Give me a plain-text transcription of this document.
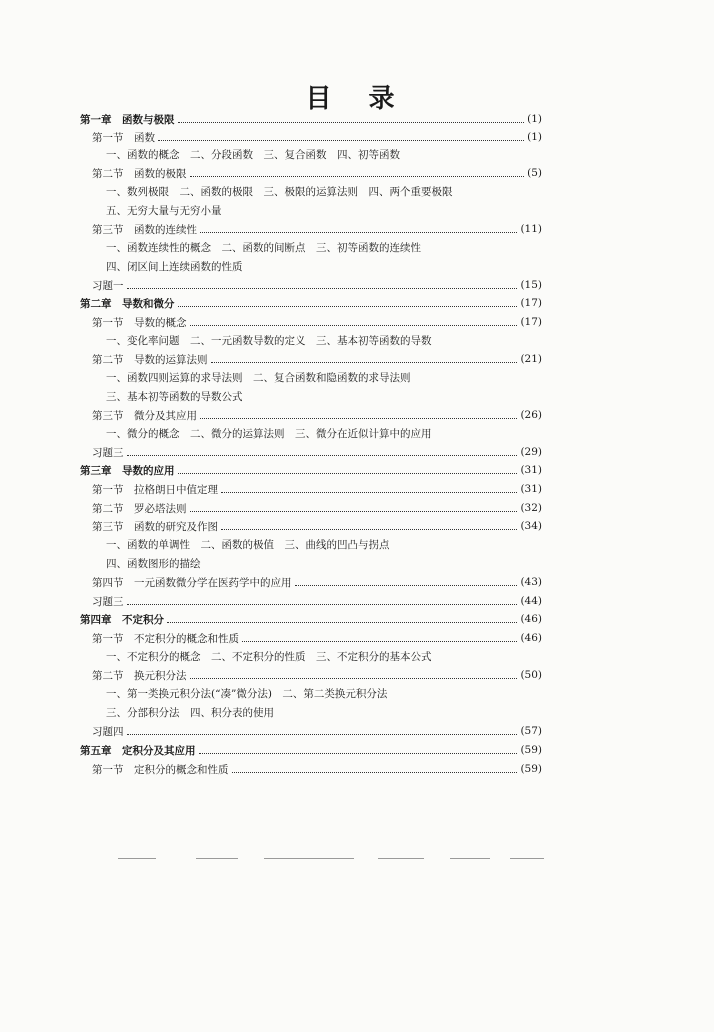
目 录
第一章　函数与极限	(1)
第一节　函数	(1)
一、函数的概念　二、分段函数　三、复合函数　四、初等函数
第二节　函数的极限	(5)
一、数列极限　二、函数的极限　三、极限的运算法则　四、两个重要极限
五、无穷大量与无穷小量
第三节　函数的连续性	(11)
一、函数连续性的概念　二、函数的间断点　三、初等函数的连续性
四、闭区间上连续函数的性质
习题一	(15)
第二章　导数和微分	(17)
第一节　导数的概念	(17)
一、变化率问题　二、一元函数导数的定义　三、基本初等函数的导数
第二节　导数的运算法则	(21)
一、函数四则运算的求导法则　二、复合函数和隐函数的求导法则
三、基本初等函数的导数公式
第三节　微分及其应用	(26)
一、微分的概念　二、微分的运算法则　三、微分在近似计算中的应用
习题三	(29)
第三章　导数的应用	(31)
第一节　拉格朗日中值定理	(31)
第二节　罗必塔法则	(32)
第三节　函数的研究及作图	(34)
一、函数的单调性　二、函数的极值　三、曲线的凹凸与拐点
四、函数图形的描绘
第四节　一元函数微分学在医药学中的应用	(43)
习题三	(44)
第四章　不定积分	(46)
第一节　不定积分的概念和性质	(46)
一、不定积分的概念　二、不定积分的性质　三、不定积分的基本公式
第二节　换元积分法	(50)
一、第一类换元积分法(“凑”微分法)　二、第二类换元积分法
三、分部积分法　四、积分表的使用
习题四	(57)
第五章　定积分及其应用	(59)
第一节　定积分的概念和性质	(59)
